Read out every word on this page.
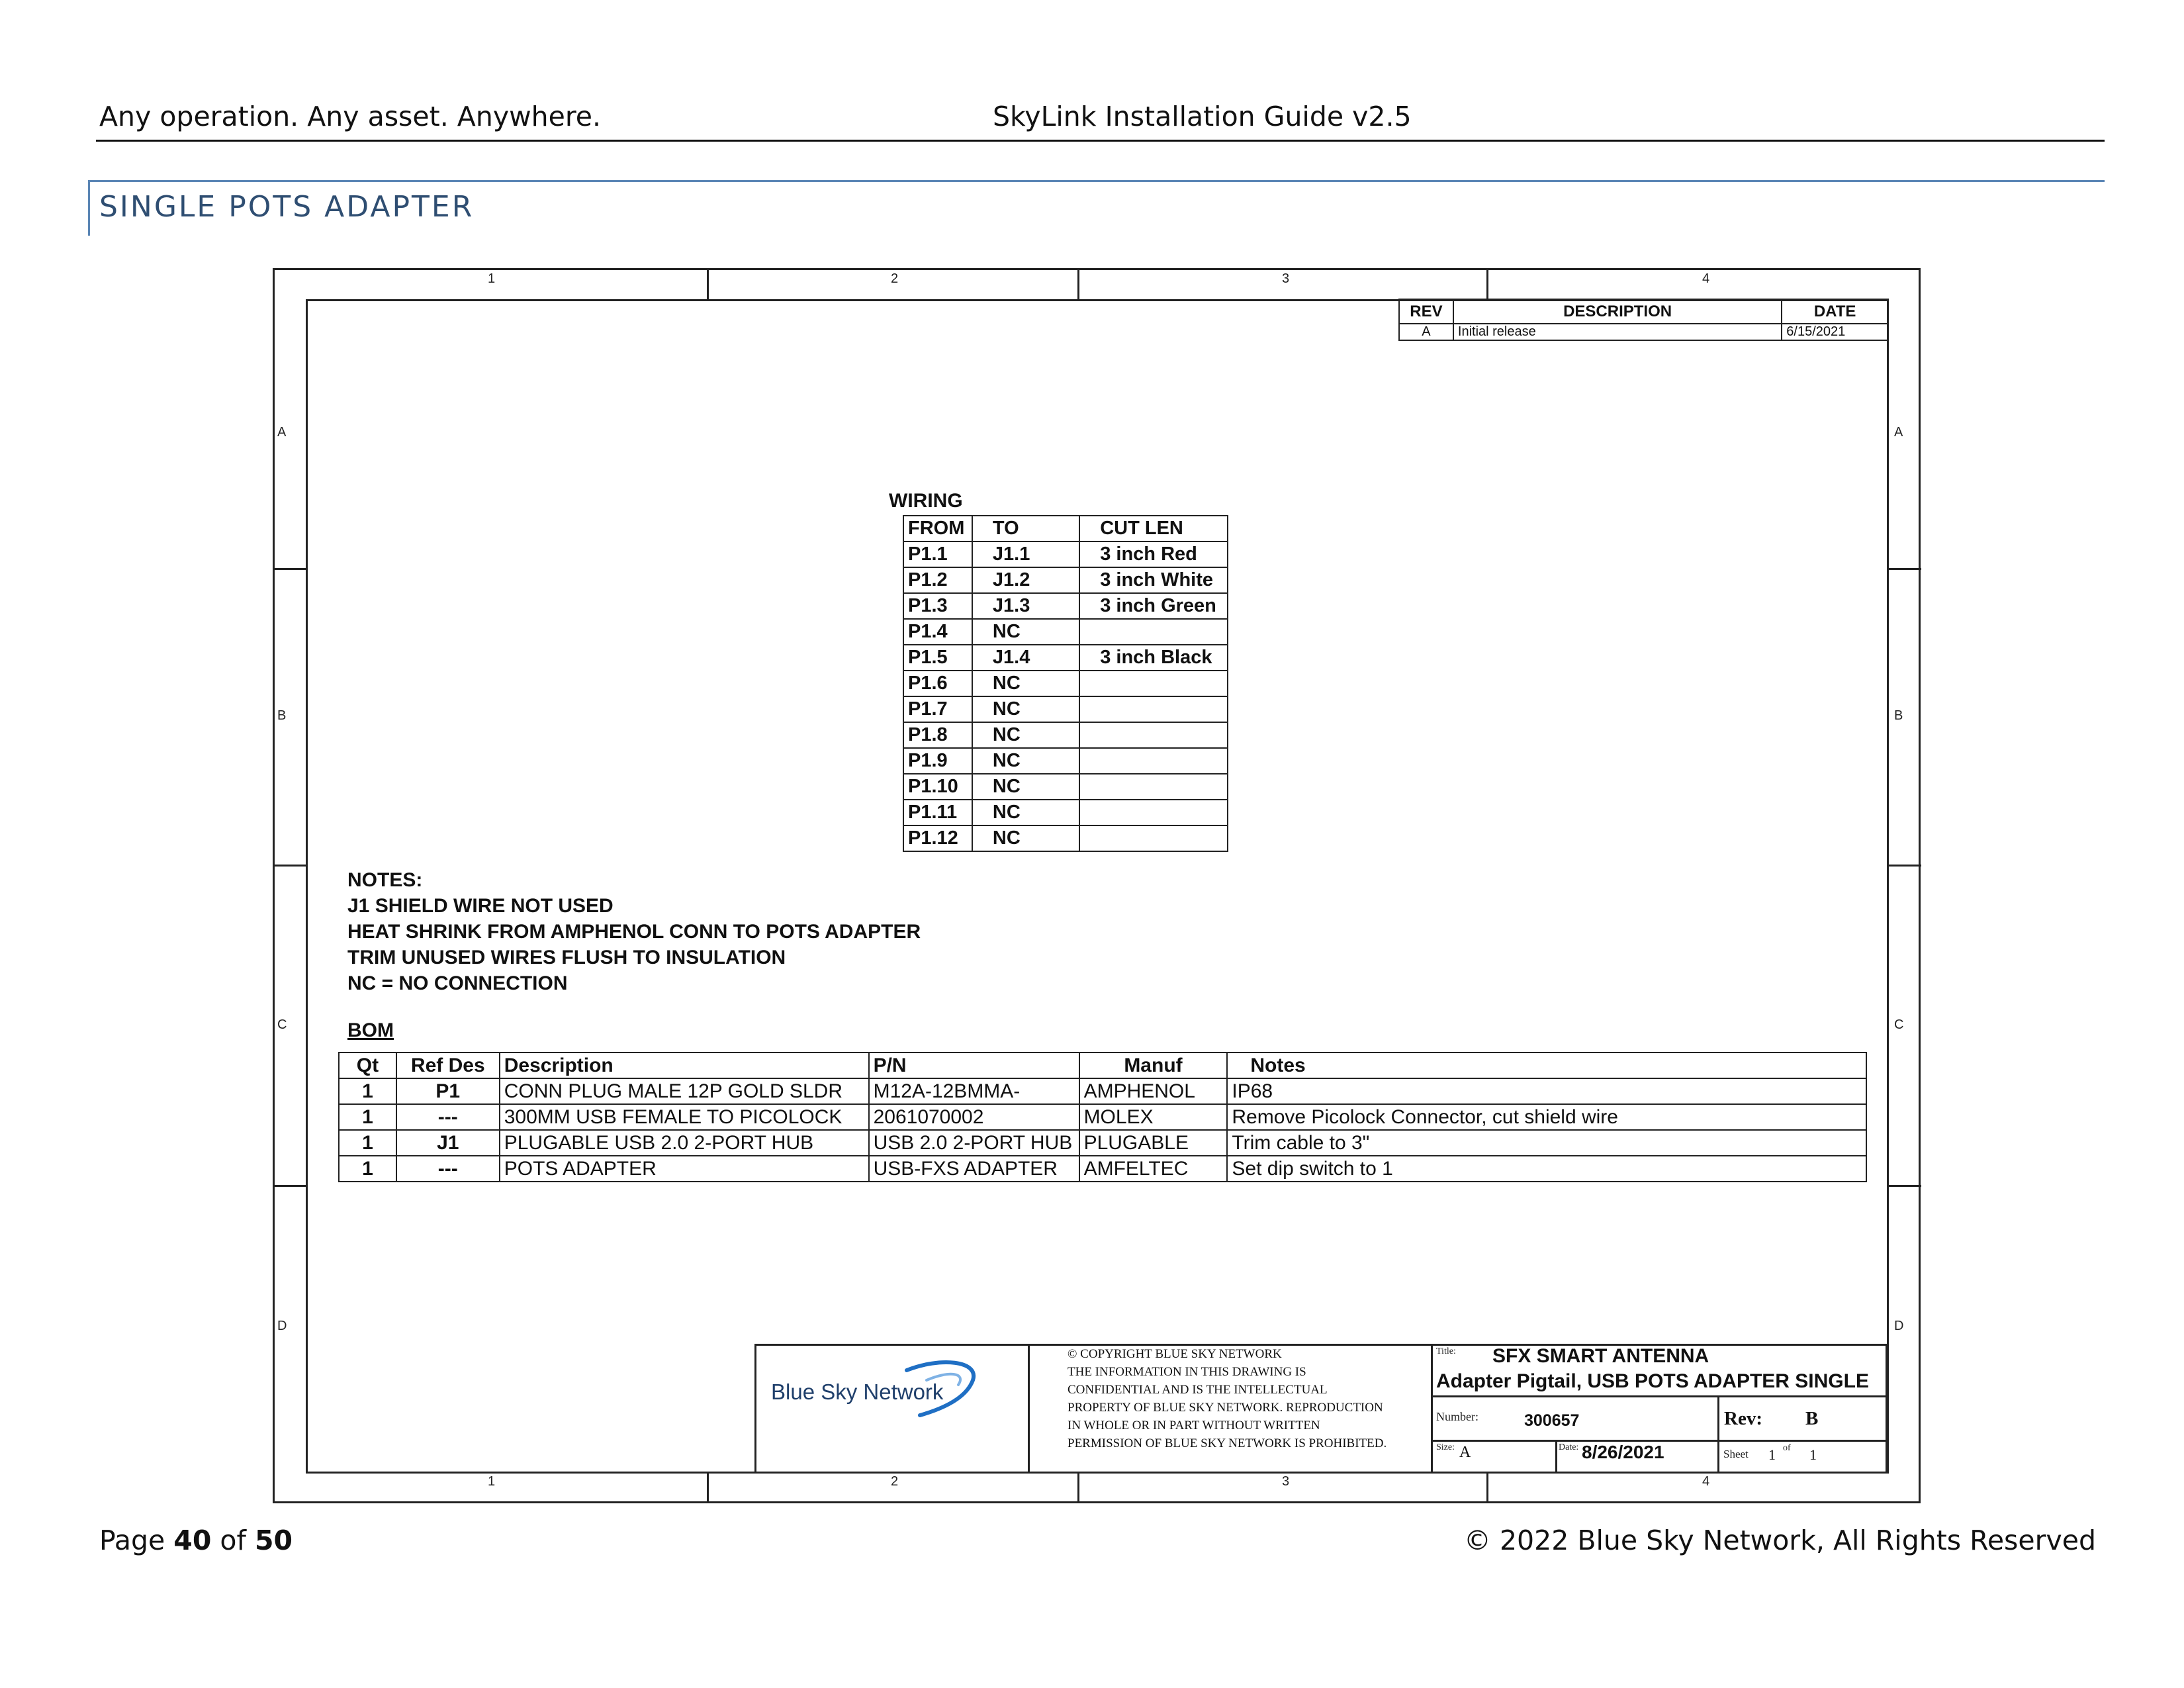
Any operation. Any asset. Anywhere.	SkyLink Installation Guide v2.5
SINGLE POTS ADAPTER
1	2	3	4
1	2	3	4
A
B
C
D
A
B
C
D
REV	DESCRIPTION	DATE
A	Initial release	6/15/2021
WIRING
FROM	TO	CUT LEN
P1.1	J1.1	3 inch Red
P1.2	J1.2	3 inch White
P1.3	J1.3	3 inch Green
P1.4	NC	
P1.5	J1.4	3 inch Black
P1.6	NC	
P1.7	NC	
P1.8	NC	
P1.9	NC	
P1.10	NC	
P1.11	NC	
P1.12	NC	
NOTES:
J1 SHIELD WIRE NOT USED
HEAT SHRINK FROM AMPHENOL CONN TO POTS ADAPTER
TRIM UNUSED WIRES FLUSH TO INSULATION
NC = NO CONNECTION
BOM
Qt	Ref Des	Description	P/N	Manuf	Notes
1	P1	CONN PLUG MALE 12P GOLD SLDR	M12A-12BMMA-	AMPHENOL	IP68
1	---	300MM USB FEMALE TO PICOLOCK	2061070002	MOLEX	Remove Picolock Connector, cut shield wire
1	J1	PLUGABLE USB 2.0 2-PORT HUB	USB 2.0 2-PORT HUB	PLUGABLE	Trim cable to 3"
1	---	POTS ADAPTER	USB-FXS ADAPTER	AMFELTEC	Set dip switch to 1
Blue Sky Network
© COPYRIGHT BLUE SKY NETWORK
THE INFORMATION IN THIS DRAWING IS
CONFIDENTIAL AND IS THE INTELLECTUAL
PROPERTY OF BLUE SKY NETWORK. REPRODUCTION
IN WHOLE OR IN PART WITHOUT WRITTEN
PERMISSION OF BLUE SKY NETWORK IS PROHIBITED.
Title: SFX SMART ANTENNA
Adapter Pigtail, USB POTS ADAPTER SINGLE
Number:	300657	Rev: B
Size: A	Date: 8/26/2021	Sheet 1 of 1
Page 40 of 50	© 2022 Blue Sky Network, All Rights Reserved
